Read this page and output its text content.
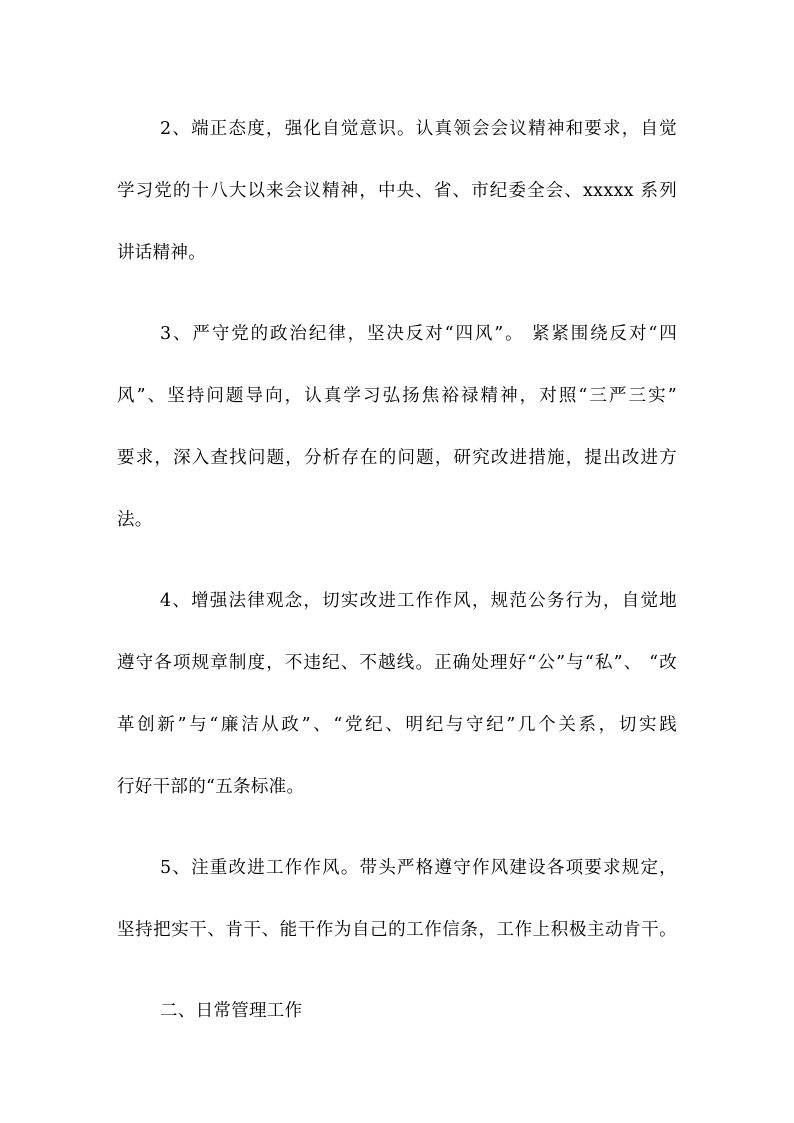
2、端正态度，强化自觉意识。认真领会会议精神和要求，自觉
学习党的十八大以来会议精神，中央、省、市纪委全会、xxxxx 系列
讲话精神。
3、严守党的政治纪律，坚决反对“四风”。 紧紧围绕反对“四
风”、坚持问题导向，认真学习弘扬焦裕禄精神，对照“三严三实”
要求，深入查找问题，分析存在的问题，研究改进措施，提出改进方
法。
4、增强法律观念，切实改进工作作风，规范公务行为，自觉地
遵守各项规章制度，不违纪、不越线。正确处理好“公”与“私”、 “改
革创新”与“廉洁从政”、“党纪、明纪与守纪”几个关系，切实践
行好干部的“五条标准。
5、注重改进工作作风。带头严格遵守作风建设各项要求规定，
坚持把实干、肯干、能干作为自己的工作信条，工作上积极主动肯干。
二、日常管理工作
